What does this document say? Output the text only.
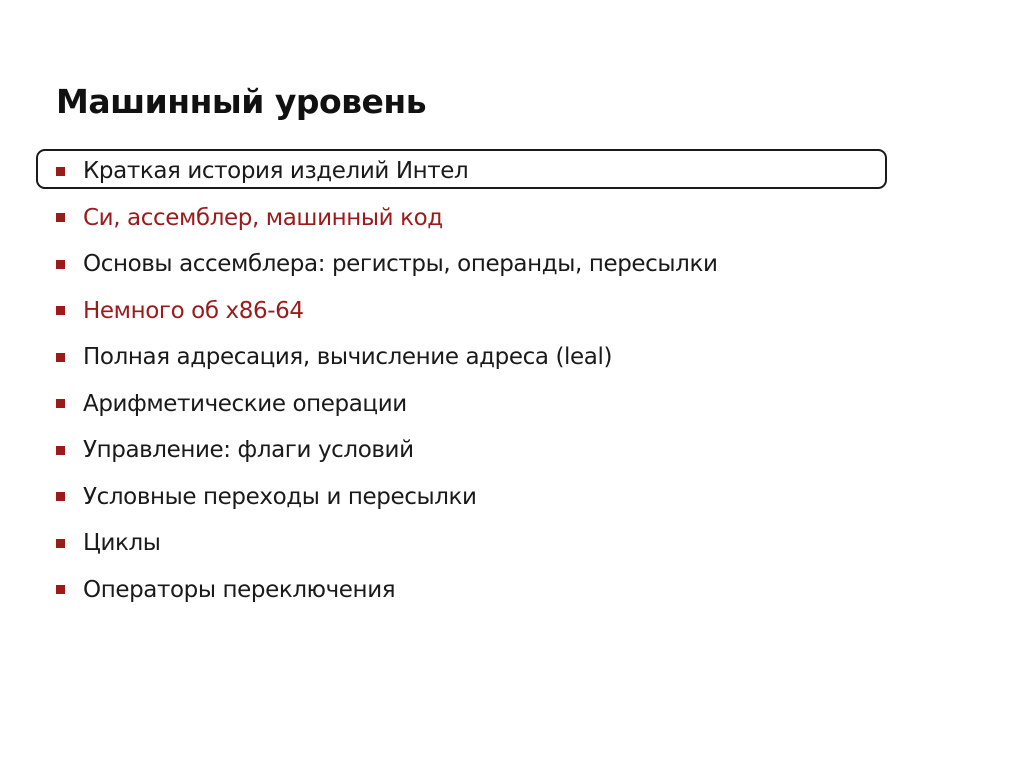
Машинный уровень
Краткая история изделий Интел
Си, ассемблер, машинный код
Основы ассемблера: регистры, операнды, пересылки
Немного об x86-64
Полная адресация, вычисление адреса (leal)
Арифметические операции
Управление: флаги условий
Условные переходы и пересылки
Циклы
Операторы переключения
